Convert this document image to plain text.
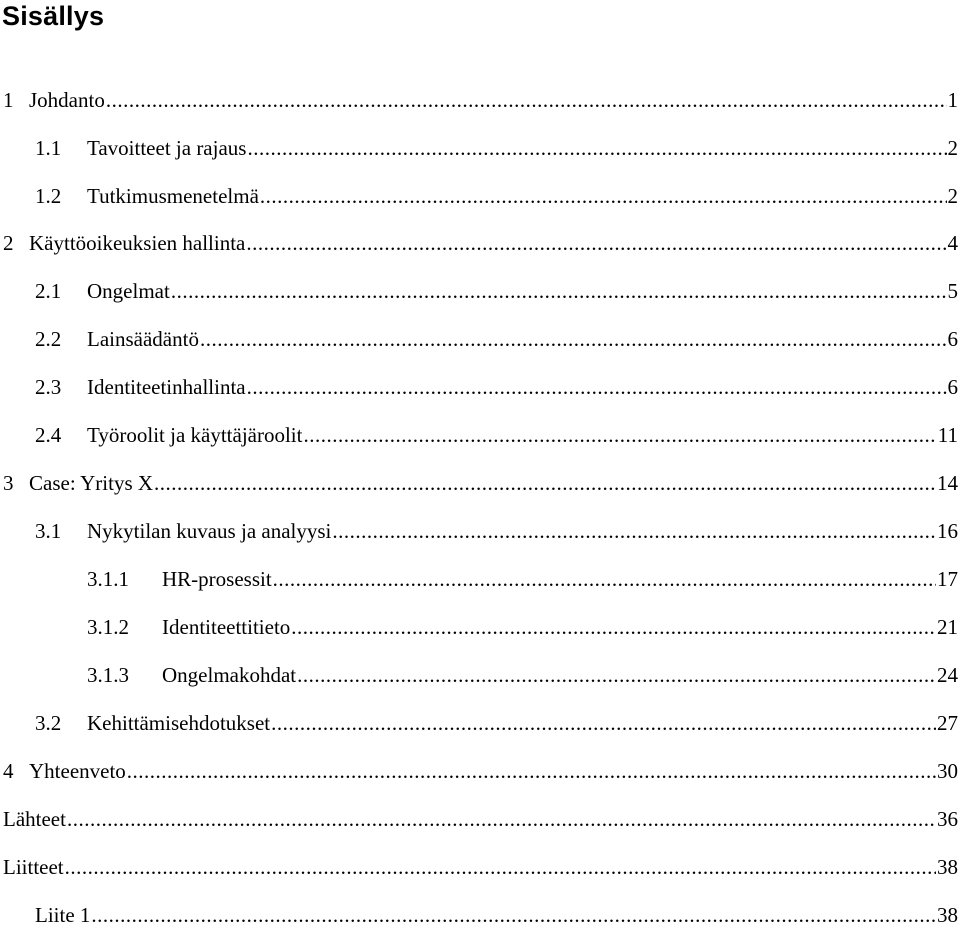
Sisällys
1 Johdanto .....	1
1.1	Tavoitteet ja rajaus .....	2
1.2	Tutkimusmenetelmä .....	2
2 Käyttöoikeuksien hallinta .....	4
2.1	Ongelmat .....	5
2.2	Lainsäädäntö .....	6
2.3	Identiteetinhallinta .....	6
2.4	Työroolit ja käyttäjäroolit .....	11
3 Case: Yritys X .....	14
3.1	Nykytilan kuvaus ja analyysi .....	16
3.1.1	HR-prosessit .....	17
3.1.2	Identiteettitieto .....	21
3.1.3	Ongelmakohdat .....	24
3.2	Kehittämisehdotukset .....	27
4 Yhteenveto .....	30
Lähteet .....	36
Liitteet .....	38
Liite 1 .....	38
